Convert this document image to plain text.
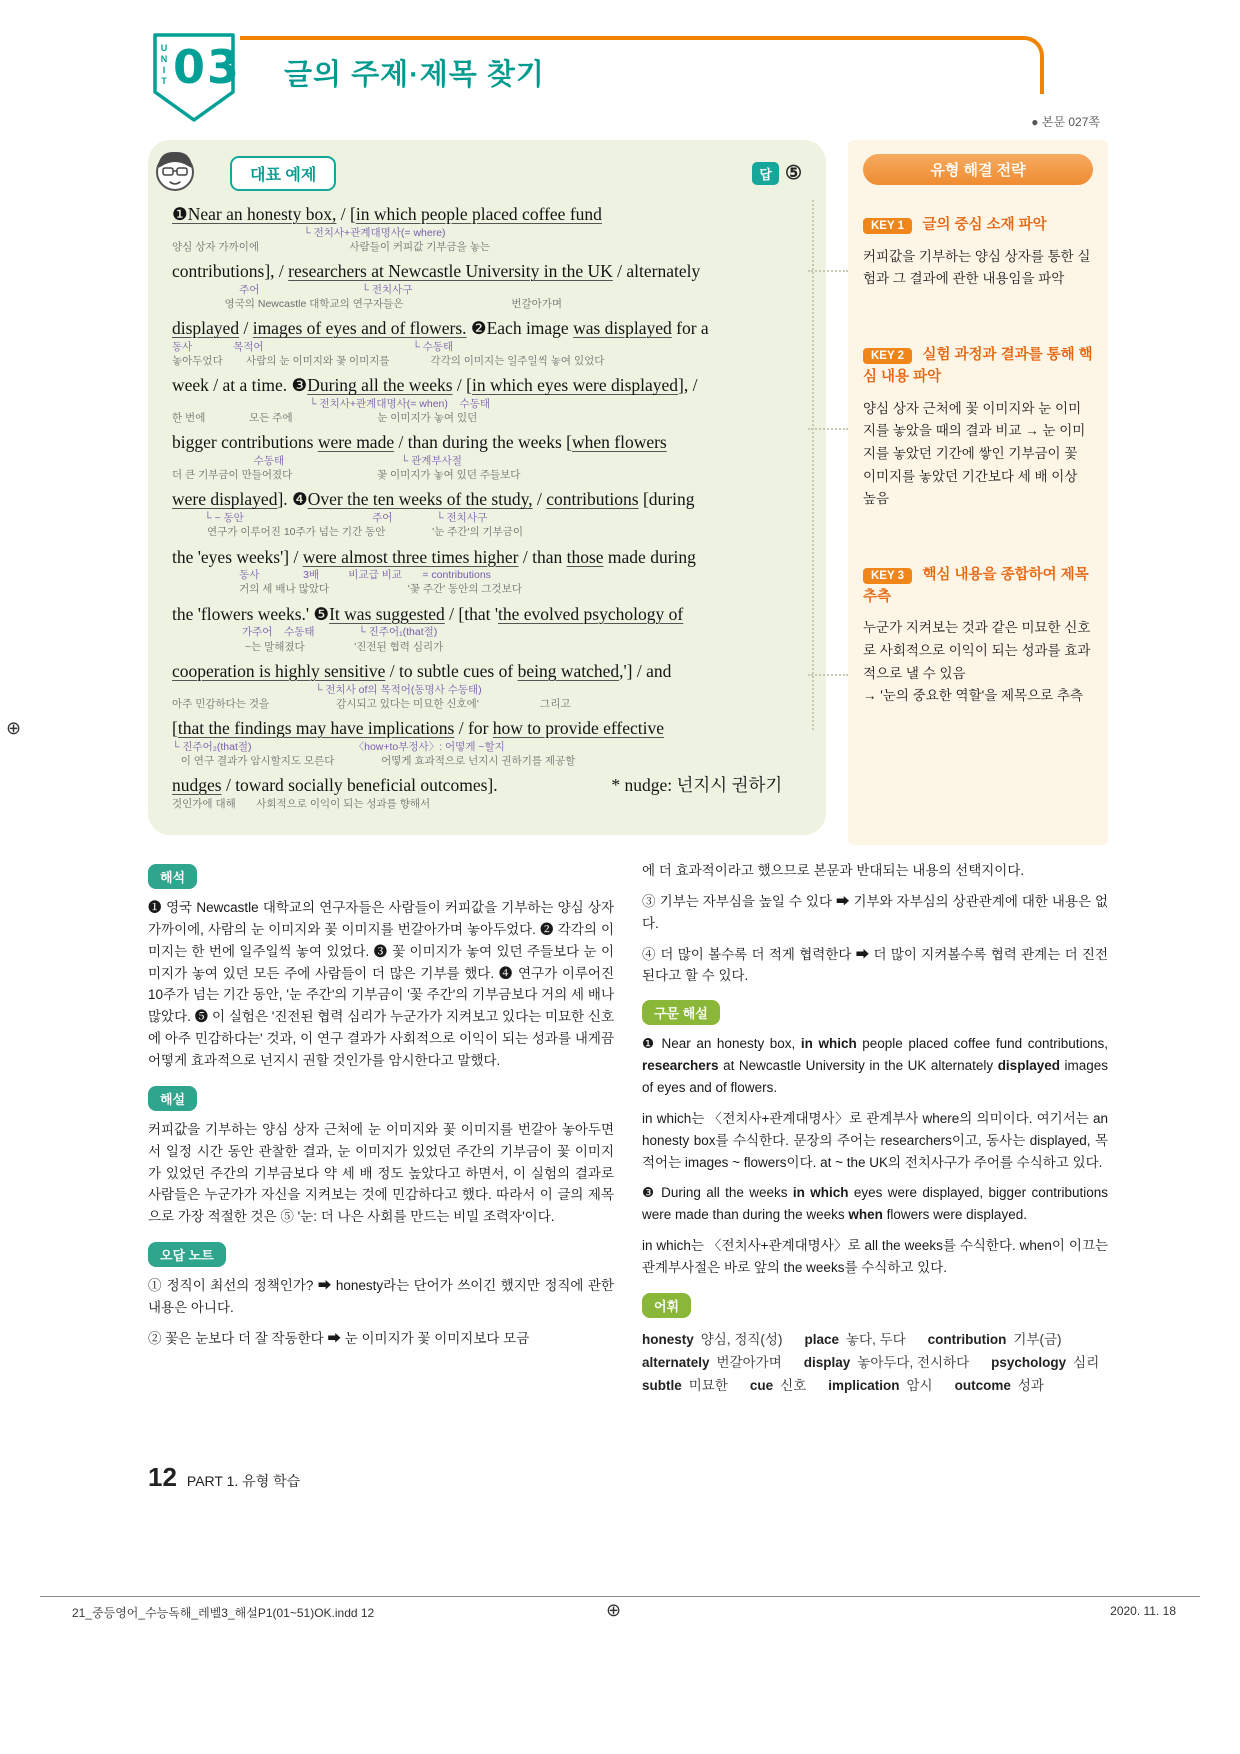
UNIT 03 글의 주제·제목 찾기
● 본문 027쪽
대표 예제	답 ⑤
❶Near an honesty box, / [in which people placed coffee fund
└ 전치사+관계대명사(= where)
양심 상자 가까이에                               사람들이 커피값 기부금을 놓는
contributions], / researchers at Newcastle University in the UK / alternately
주어                                   └ 전치사구
영국의 Newcastle 대학교의 연구자들은                                     번갈아가며
displayed / images of eyes and of flowers. ❷Each image was displayed for a
동사              목적어                                                   └ 수동태
놓아두었다        사람의 눈 이미지와 꽃 이미지를              각각의 이미지는 일주일씩 놓여 있었다
week / at a time. ❸During all the weeks / [in which eyes were displayed], /
└ 전치사+관계대명사(= when)    수동태
한 번에               모든 주에                             눈 이미지가 놓여 있던
bigger contributions were made / than during the weeks [when flowers
수동태                                        └ 관계부사절
더 큰 기부금이 만들어졌다                             꽃 이미지가 놓여 있던 주들보다
were displayed]. ❹Over the ten weeks of the study, / contributions [during
└ ~ 동안                                            주어               └ 전치사구
연구가 이루어진 10주가 넘는 기간 동안                '눈 주간'의 기부금이
the 'eyes weeks'] / were almost three times higher / than those made during
동사               3배          비교급 비교       = contributions
거의 세 배나 많았다                           '꽃 주간' 동안의 그것보다
the 'flowers weeks.' ❺It was suggested / [that 'the evolved psychology of
가주어    수동태               └ 진주어₁(that절)
~는 말해졌다                 '진전된 협력 심리가
cooperation is highly sensitive / to subtle cues of being watched,'] / and
└ 전치사 of의 목적어(동명사 수동태)
아주 민감하다는 것을                       감시되고 있다는 미묘한 신호에'                     그리고
[that the findings may have implications / for how to provide effective
└ 진주어₂(that절)                                   〈how+to부정사〉: 어떻게 ~할지
이 연구 결과가 암시할지도 모른다                어떻게 효과적으로 넌지시 권하기를 제공할
nudges / toward socially beneficial outcomes].                          * nudge: 넌지시 권하기
것인가에 대해       사회적으로 이익이 되는 성과를 향해서
유형 해결 전략
KEY 1 글의 중심 소재 파악
커피값을 기부하는 양심 상자를 통한 실험과 그 결과에 관한 내용임을 파악
KEY 2 실험 과정과 결과를 통해 핵심 내용 파악
양심 상자 근처에 꽃 이미지와 눈 이미지를 놓았을 때의 결과 비교 → 눈 이미지를 놓았던 기간에 쌓인 기부금이 꽃 이미지를 놓았던 기간보다 세 배 이상 높음
KEY 3 핵심 내용을 종합하여 제목 추측
누군가 지켜보는 것과 같은 미묘한 신호로 사회적으로 이익이 되는 성과를 효과적으로 낼 수 있음
→ '눈의 중요한 역할'을 제목으로 추측
해석

❶ 영국 Newcastle 대학교의 연구자들은 사람들이 커피값을 기부하는 양심 상자 가까이에, 사람의 눈 이미지와 꽃 이미지를 번갈아가며 놓아두었다. ❷ 각각의 이미지는 한 번에 일주일씩 놓여 있었다. ❸ 꽃 이미지가 놓여 있던 주들보다 눈 이미지가 놓여 있던 모든 주에 사람들이 더 많은 기부를 했다. ❹ 연구가 이루어진 10주가 넘는 기간 동안, '눈 주간'의 기부금이 '꽃 주간'의 기부금보다 거의 세 배나 많았다. ❺ 이 실험은 '진전된 협력 심리가 누군가가 지켜보고 있다는 미묘한 신호에 아주 민감하다는' 것과, 이 연구 결과가 사회적으로 이익이 되는 성과를 내게끔 어떻게 효과적으로 넌지시 권할 것인가를 암시한다고 말했다.

해설

커피값을 기부하는 양심 상자 근처에 눈 이미지와 꽃 이미지를 번갈아 놓아두면서 일정 시간 동안 관찰한 결과, 눈 이미지가 있었던 주간의 기부금이 꽃 이미지가 있었던 주간의 기부금보다 약 세 배 정도 높았다고 하면서, 이 실험의 결과로 사람들은 누군가가 자신을 지켜보는 것에 민감하다고 했다. 따라서 이 글의 제목으로 가장 적절한 것은 ⑤ '눈: 더 나은 사회를 만드는 비밀 조력자'이다.

오답 노트

① 정직이 최선의 정책인가? ➡ honesty라는 단어가 쓰이긴 했지만 정직에 관한 내용은 아니다.

② 꽃은 눈보다 더 잘 작동한다 ➡ 눈 이미지가 꽃 이미지보다 모금

에 더 효과적이라고 했으므로 본문과 반대되는 내용의 선택지이다.

③ 기부는 자부심을 높일 수 있다 ➡ 기부와 자부심의 상관관계에 대한 내용은 없다.

④ 더 많이 볼수록 더 적게 협력한다 ➡ 더 많이 지켜볼수록 협력 관계는 더 진전된다고 할 수 있다.

구문 해설

❶ Near an honesty box, in which people placed coffee fund contributions, researchers at Newcastle University in the UK alternately displayed images of eyes and of flowers.

in which는 〈전치사+관계대명사〉로 관계부사 where의 의미이다. 여기서는 an honesty box를 수식한다. 문장의 주어는 researchers이고, 동사는 displayed, 목적어는 images ~ flowers이다. at ~ the UK의 전치사구가 주어를 수식하고 있다.

❸ During all the weeks in which eyes were displayed, bigger contributions were made than during the weeks when flowers were displayed.

in which는 〈전치사+관계대명사〉로 all the weeks를 수식한다. when이 이끄는 관계부사절은 바로 앞의 the weeks를 수식하고 있다.

어휘
honesty 양심, 정직(성) place 놓다, 두다 contribution 기부(금)
alternately 번갈아가며 display 놓아두다, 전시하다 psychology 심리
subtle 미묘한 cue 신호 implication 암시 outcome 성과
12 PART 1. 유형 학습
21_중등영어_수능독해_레벨3_해설P1(01~51)OK.indd 12	⊕	2020. 11. 18
⊕
